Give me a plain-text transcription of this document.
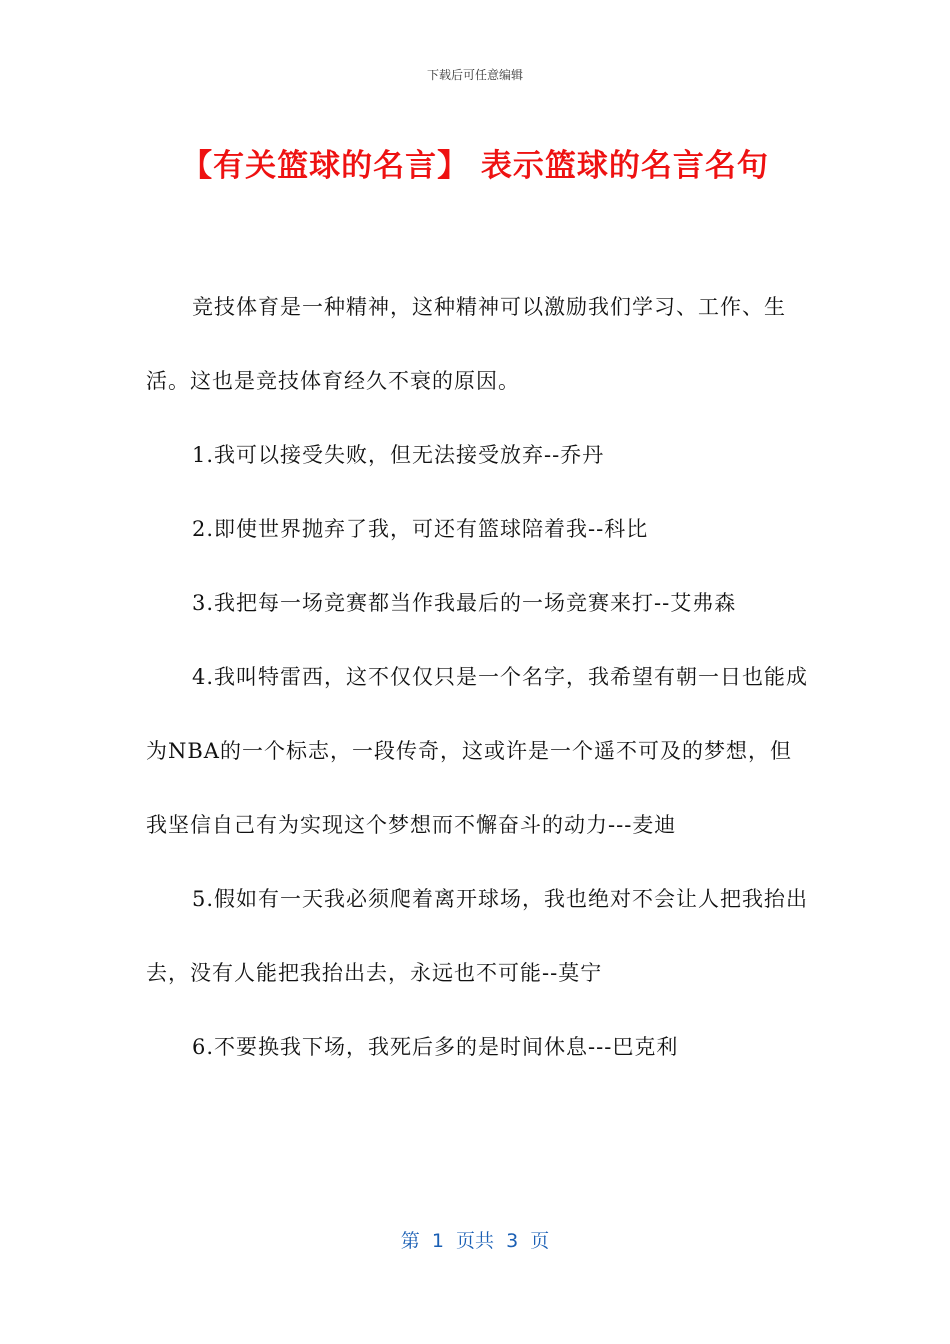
下载后可任意编辑
【有关篮球的名言】 表示篮球的名言名句

竞技体育是一种精神，这种精神可以激励我们学习、工作、生活。这也是竞技体育经久不衰的原因。

1.我可以接受失败，但无法接受放弃--乔丹

2.即使世界抛弃了我，可还有篮球陪着我--科比

3.我把每一场竞赛都当作我最后的一场竞赛来打--艾弗森

4.我叫特雷西，这不仅仅只是一个名字，我希望有朝一日也能成为NBA的一个标志，一段传奇，这或许是一个遥不可及的梦想，但我坚信自己有为实现这个梦想而不懈奋斗的动力---麦迪

5.假如有一天我必须爬着离开球场，我也绝对不会让人把我抬出去，没有人能把我抬出去，永远也不可能--莫宁

6.不要换我下场，我死后多的是时间休息---巴克利

第  1  页共  3  页
